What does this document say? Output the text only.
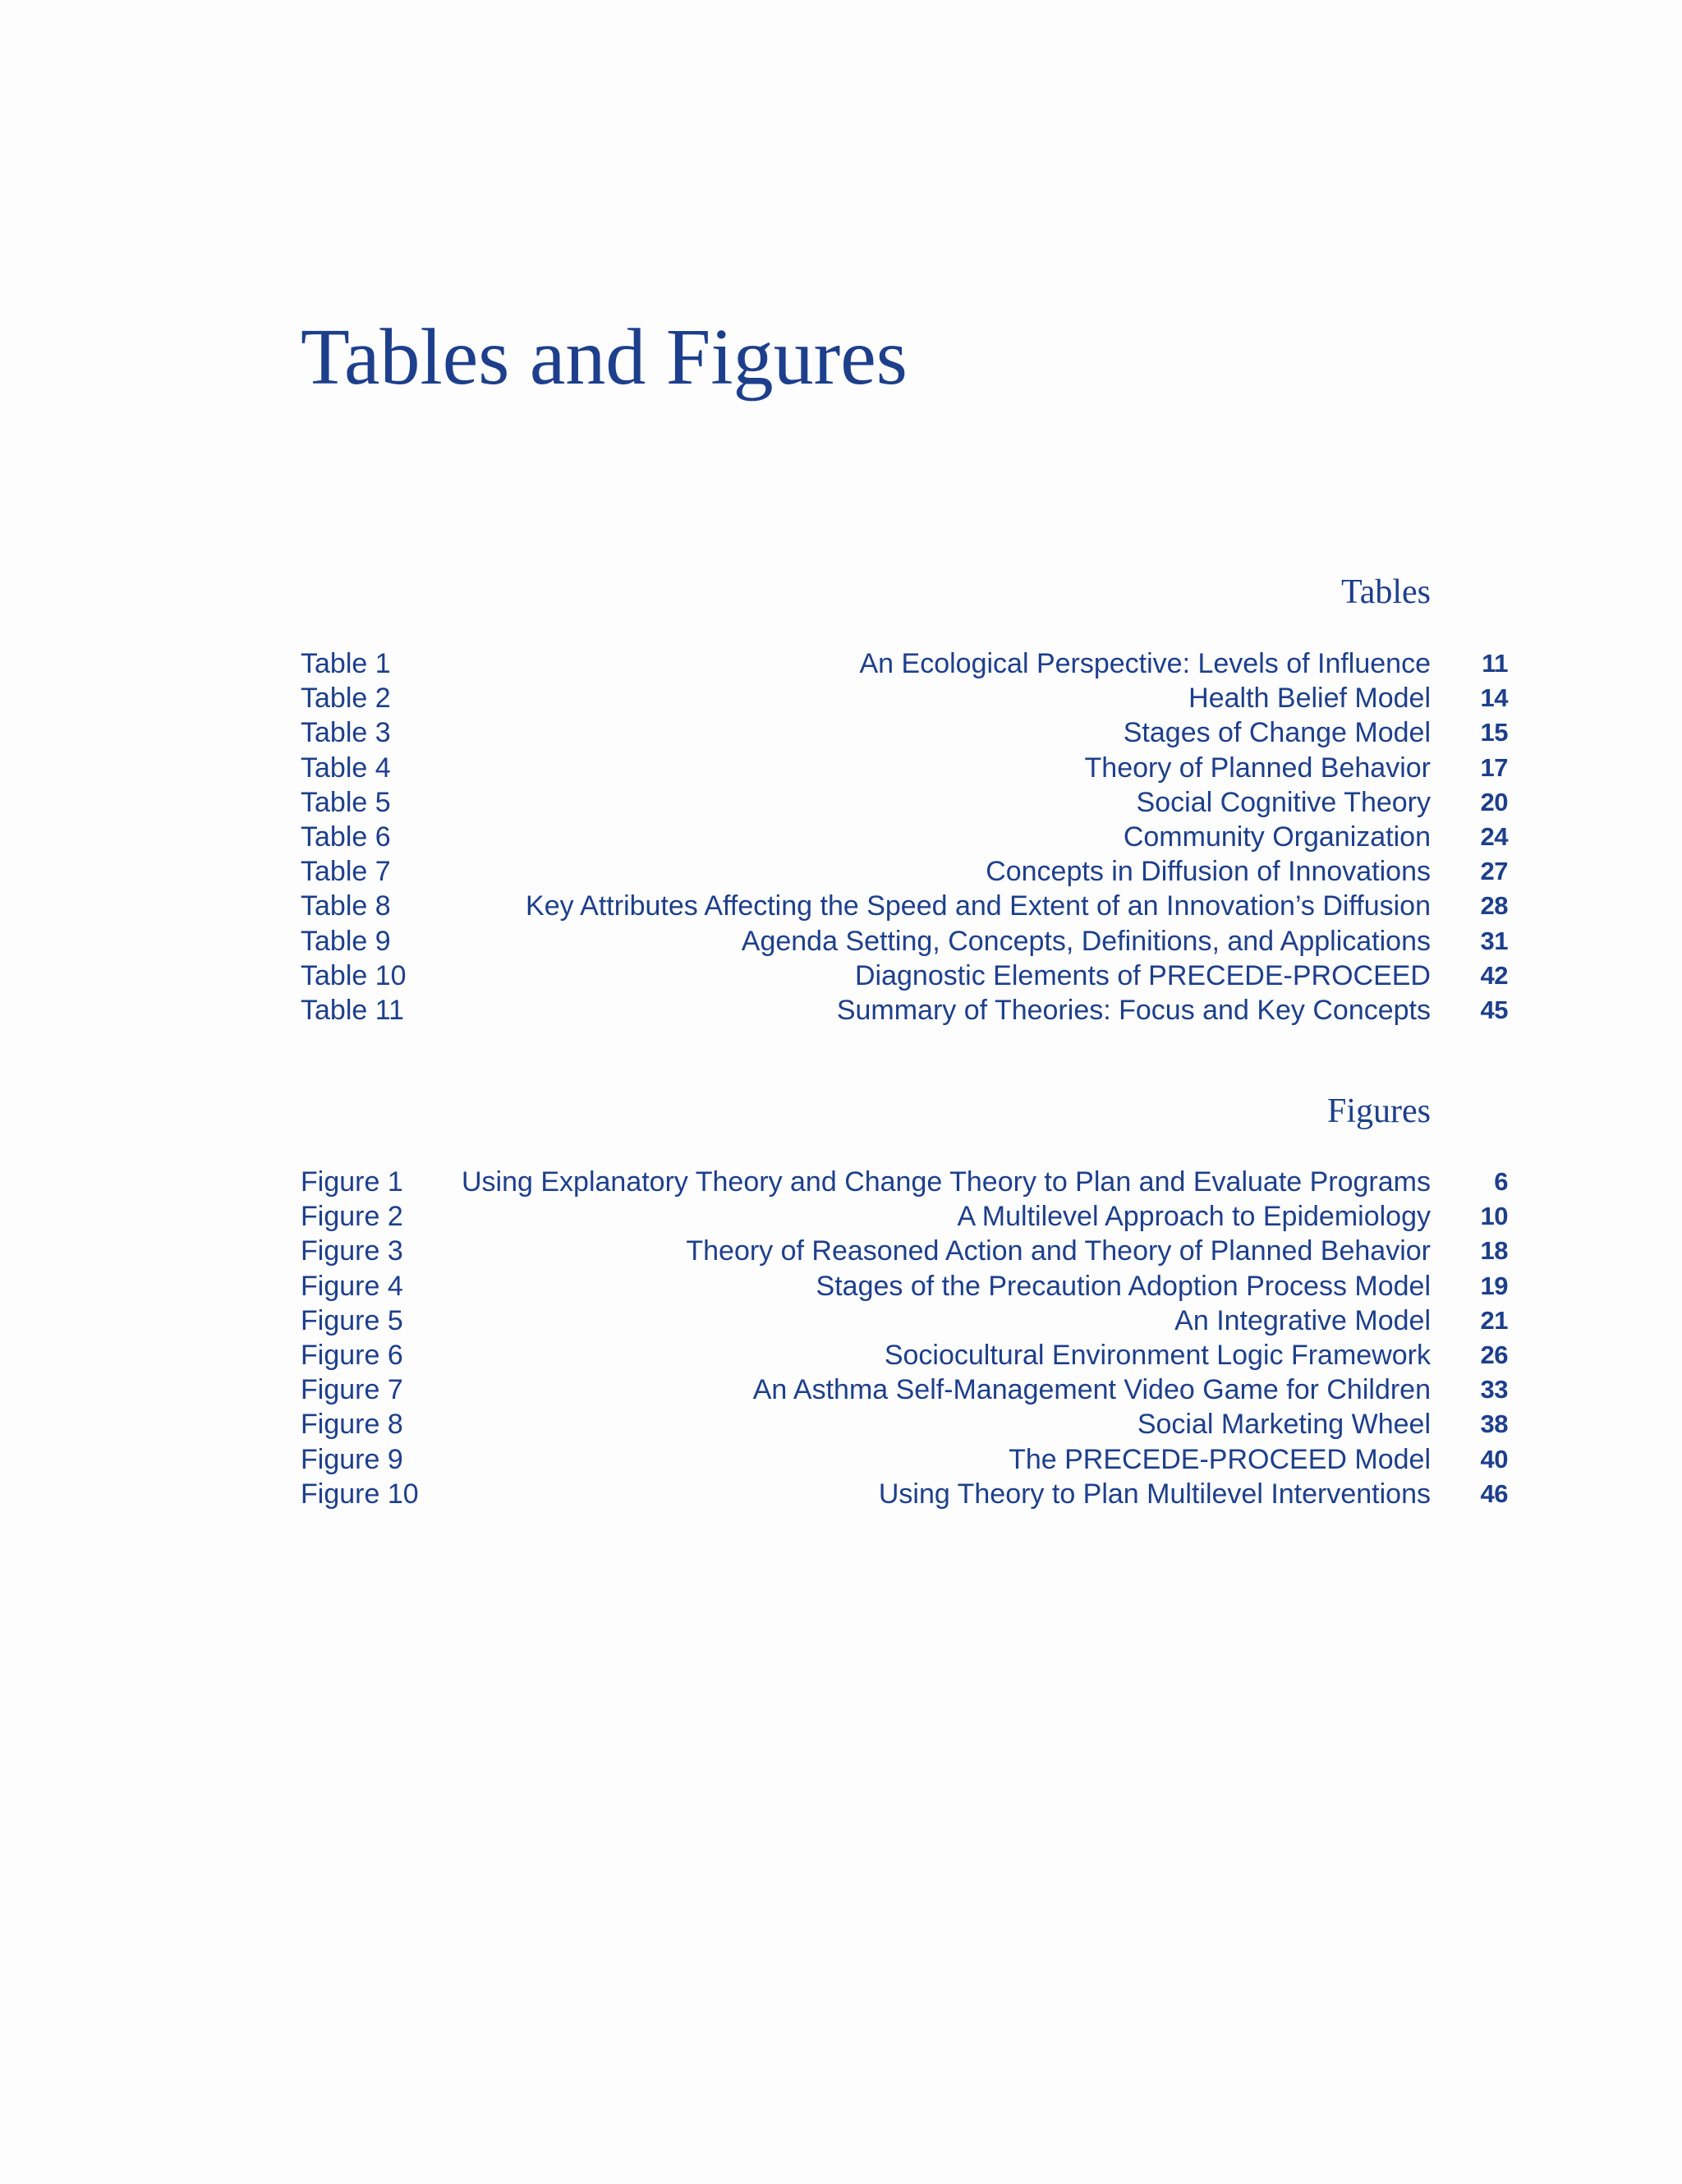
Tables and Figures
Tables
Table 1	An Ecological Perspective: Levels of Influence 11
Table 2	Health Belief Model 14
Table 3	Stages of Change Model 15
Table 4	Theory of Planned Behavior 17
Table 5	Social Cognitive Theory 20
Table 6	Community Organization 24
Table 7	Concepts in Diffusion of Innovations 27
Table 8	Key Attributes Affecting the Speed and Extent of an Innovation’s Diffusion 28
Table 9	Agenda Setting, Concepts, Definitions, and Applications 31
Table 10	Diagnostic Elements of PRECEDE-PROCEED 42
Table 11	Summary of Theories: Focus and Key Concepts 45
Figures
Figure 1 Using Explanatory Theory and Change Theory to Plan and Evaluate Programs	6
Figure 2	A Multilevel Approach to Epidemiology 10
Figure 3	Theory of Reasoned Action and Theory of Planned Behavior 18
Figure 4	Stages of the Precaution Adoption Process Model 19
Figure 5	An Integrative Model 21
Figure 6	Sociocultural Environment Logic Framework 26
Figure 7	An Asthma Self-Management Video Game for Children 33
Figure 8	Social Marketing Wheel 38
Figure 9	The PRECEDE-PROCEED Model 40
Figure 10	Using Theory to Plan Multilevel Interventions 46
